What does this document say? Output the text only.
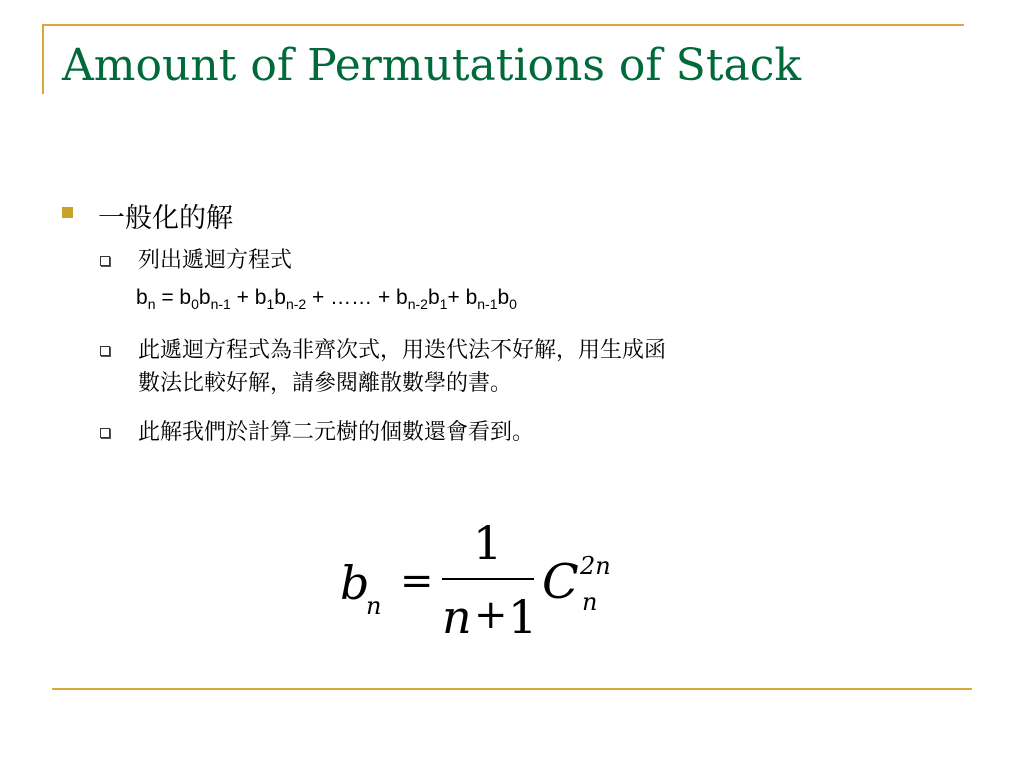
Amount of Permutations of Stack
一般化的解
列出遞迴方程式
$b_n = b_0b_{n-1} + b_1b_{n-2}$ + …… + $b_{n-2}b_1+ b_{n-1}b_0$
此遞迴方程式為非齊次式，用迭代法不好解，用生成函
數法比較好解，請參閱離散數學的書。
此解我們於計算二元樹的個數還會看到。
b
n
=
1
n + 1
C 2n
n
